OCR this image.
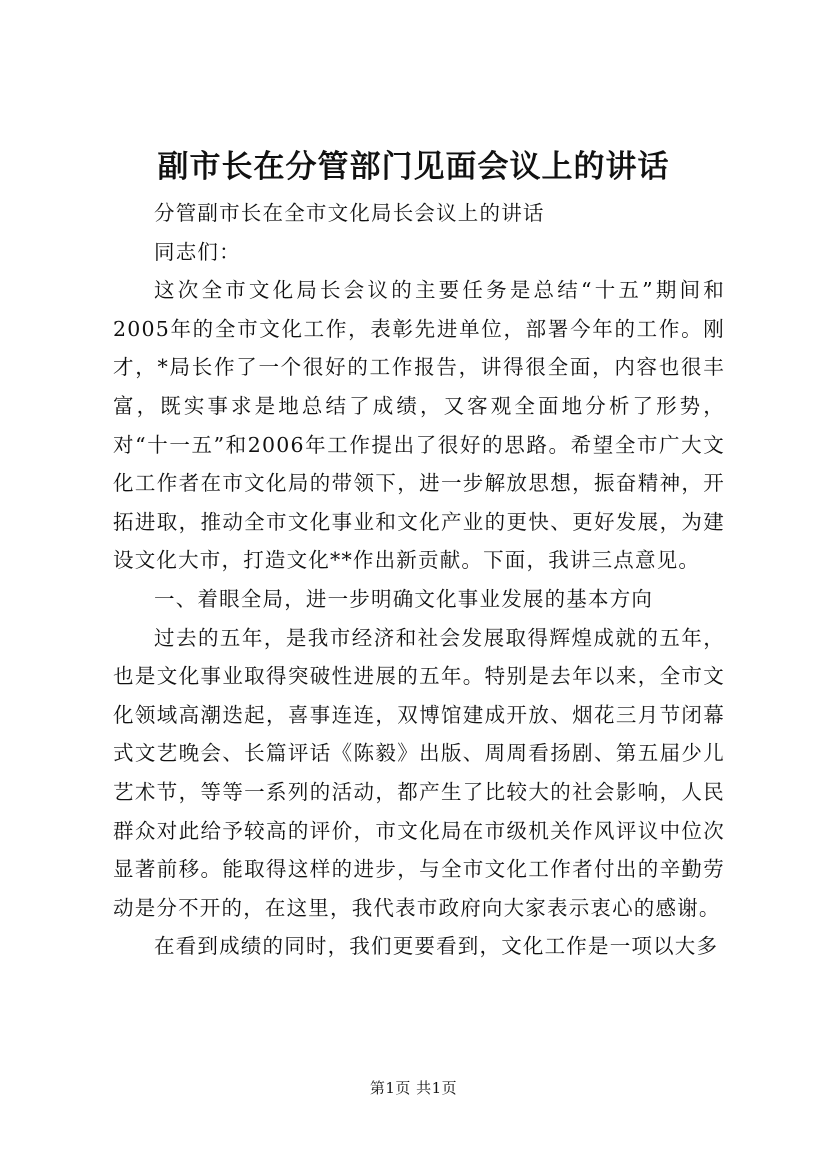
副市长在分管部门见面会议上的讲话

分管副市长在全市文化局长会议上的讲话

同志们：

这次全市文化局长会议的主要任务是总结“十五”期间和2005年的全市文化工作，表彰先进单位，部署今年的工作。刚才，*局长作了一个很好的工作报告，讲得很全面，内容也很丰富，既实事求是地总结了成绩，又客观全面地分析了形势，对“十一五”和2006年工作提出了很好的思路。希望全市广大文化工作者在市文化局的带领下，进一步解放思想，振奋精神，开拓进取，推动全市文化事业和文化产业的更快、更好发展，为建设文化大市，打造文化**作出新贡献。下面，我讲三点意见。

一、着眼全局，进一步明确文化事业发展的基本方向

过去的五年，是我市经济和社会发展取得辉煌成就的五年，也是文化事业取得突破性进展的五年。特别是去年以来，全市文化领域高潮迭起，喜事连连，双博馆建成开放、烟花三月节闭幕式文艺晚会、长篇评话《陈毅》出版、周周看扬剧、第五届少儿艺术节，等等一系列的活动，都产生了比较大的社会影响，人民群众对此给予较高的评价，市文化局在市级机关作风评议中位次显著前移。能取得这样的进步，与全市文化工作者付出的辛勤劳动是分不开的，在这里，我代表市政府向大家表示衷心的感谢。

在看到成绩的同时，我们更要看到，文化工作是一项以大多

第1页 共1页
